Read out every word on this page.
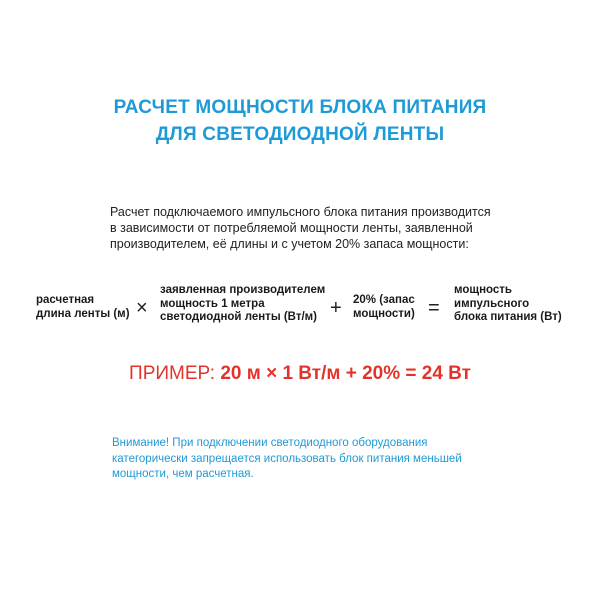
РАСЧЕТ МОЩНОСТИ БЛОКА ПИТАНИЯ
ДЛЯ СВЕТОДИОДНОЙ ЛЕНТЫ
Расчет подключаемого импульсного блока питания производится
в зависимости от потребляемой мощности ленты, заявленной
производителем, её длины и с учетом 20% запаса мощности:
расчетная
длина ленты (м) ×
заявленная производителем
мощность 1 метра
светодиодной ленты (Вт/м) + 20% (запас
мощности) =
мощность
импульсного
блока питания (Вт)
ПРИМЕР: 20 м × 1 Вт/м + 20% = 24 Вт
Внимание! При подключении светодиодного оборудования
категорически запрещается использовать блок питания меньшей
мощности, чем расчетная.
